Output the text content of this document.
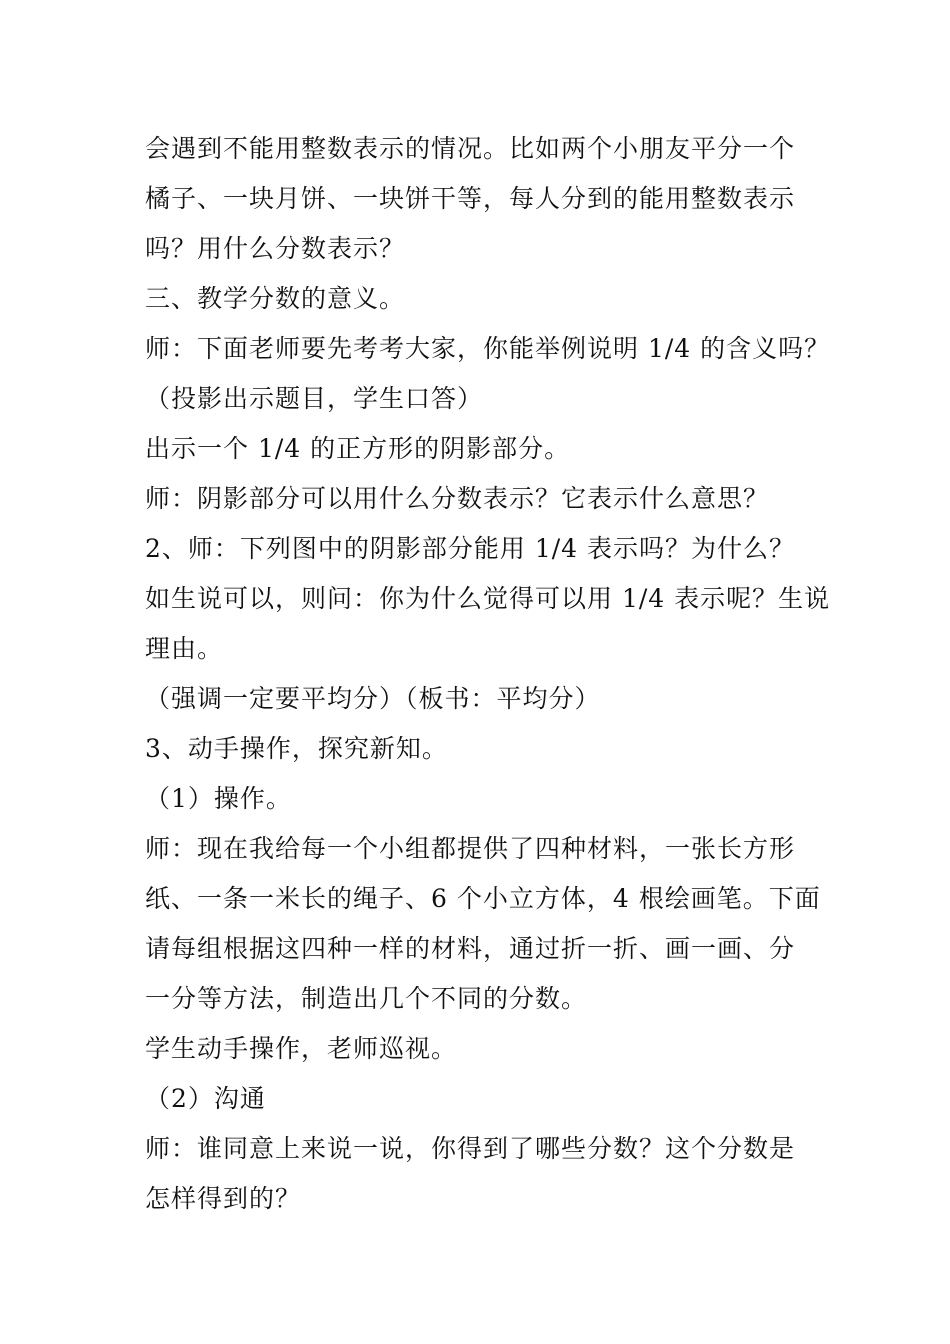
会遇到不能用整数表示的情况。比如两个小朋友平分一个
橘子、一块月饼、一块饼干等，每人分到的能用整数表示
吗？用什么分数表示？
三、教学分数的意义。
师：下面老师要先考考大家，你能举例说明 1/4 的含义吗？
（投影出示题目，学生口答）
出示一个 1/4 的正方形的阴影部分。
师：阴影部分可以用什么分数表示？它表示什么意思？
2、师：下列图中的阴影部分能用 1/4 表示吗？为什么？
如生说可以，则问：你为什么觉得可以用 1/4 表示呢？生说
理由。
（强调一定要平均分）（板书：平均分）
3、动手操作，探究新知。
（1）操作。
师：现在我给每一个小组都提供了四种材料，一张长方形
纸、一条一米长的绳子、6 个小立方体，4 根绘画笔。下面
请每组根据这四种一样的材料，通过折一折、画一画、分
一分等方法，制造出几个不同的分数。
学生动手操作，老师巡视。
（2）沟通
师：谁同意上来说一说，你得到了哪些分数？这个分数是
怎样得到的？
